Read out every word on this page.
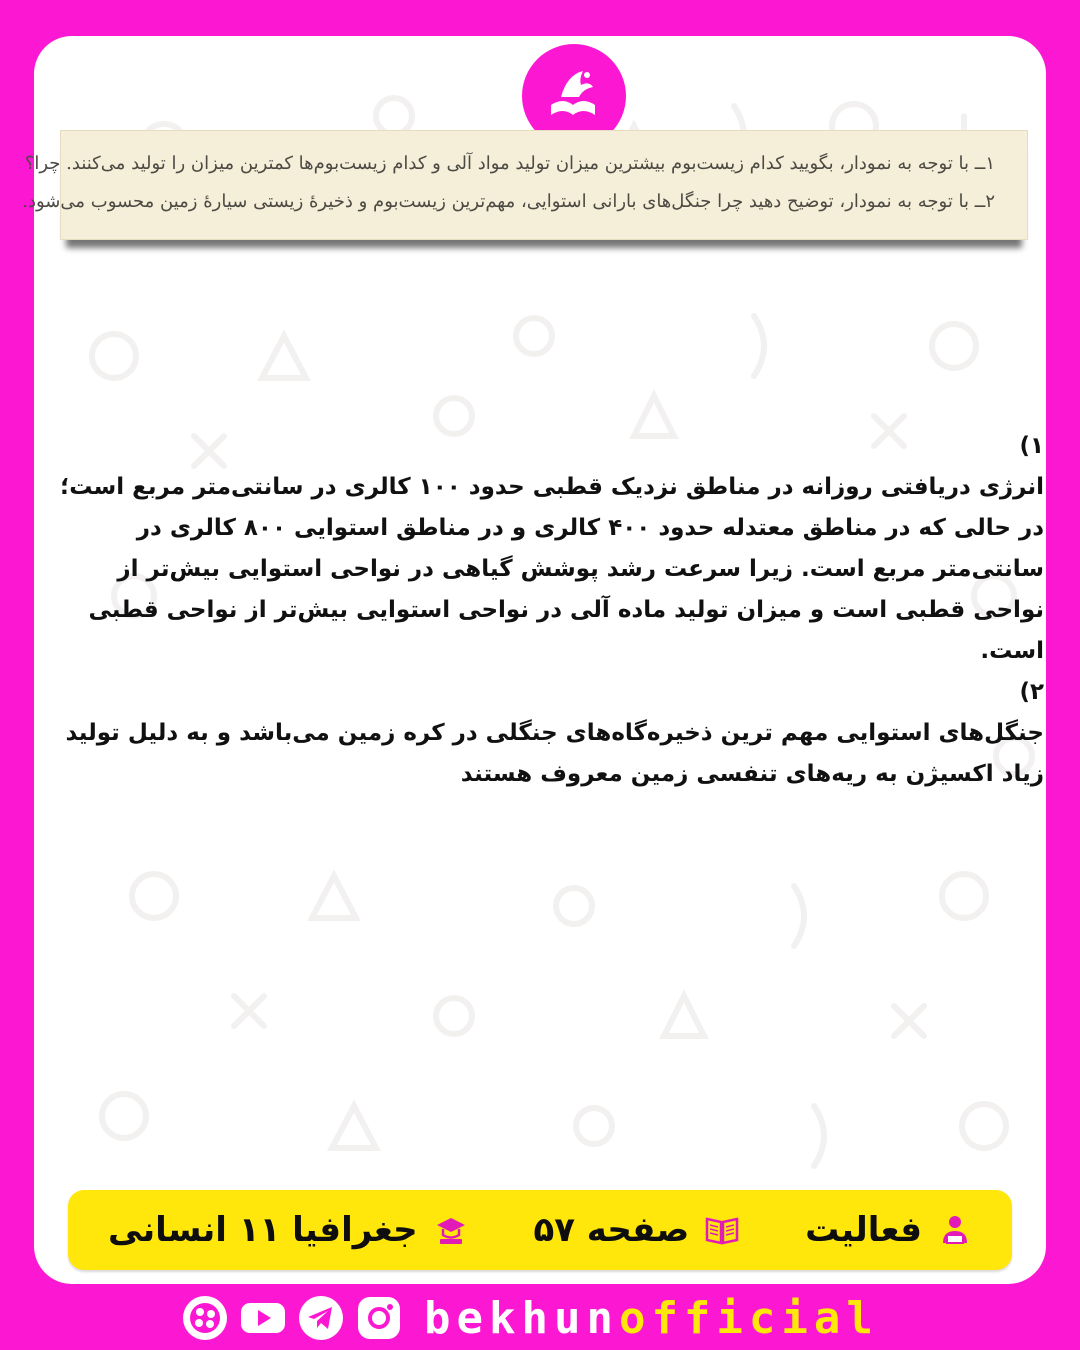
۱ــ با توجه به نمودار، بگویید کدام زیست‌بوم بیشترین میزان تولید مواد آلی و کدام زیست‌بوم‌ها کمترین میزان را تولید می‌کنند. چرا؟
۲ــ با توجه به نمودار، توضیح دهید چرا جنگل‌های بارانی استوایی، مهم‌ترین زیست‌بوم و ذخیرهٔ زیستی سیارهٔ زمین محسوب می‌شود.

۱)

انرژی دریافتی روزانه در مناطق نزدیک قطبی حدود ۱۰۰ کالری در سانتی‌متر مربع است؛ در حالی که در مناطق معتدله حدود ۴۰۰ کالری و در مناطق استوایی ۸۰۰ کالری در سانتی‌متر مربع است. زیرا سرعت رشد پوشش گیاهی در نواحی استوایی بیش‌تر از نواحی قطبی است و میزان تولید ماده آلی در نواحی استوایی بیش‌تر از نواحی قطبی است.

۲)

جنگل‌های استوایی مهم ترین ذخیره‌گاه‌های جنگلی در کره زمین می‌باشد و به دلیل تولید زیاد اکسیژن به ریه‌های تنفسی زمین معروف هستند

فعالیت
صفحه ۵۷
جغرافیا ۱۱ انسانی
bekhunofficial
